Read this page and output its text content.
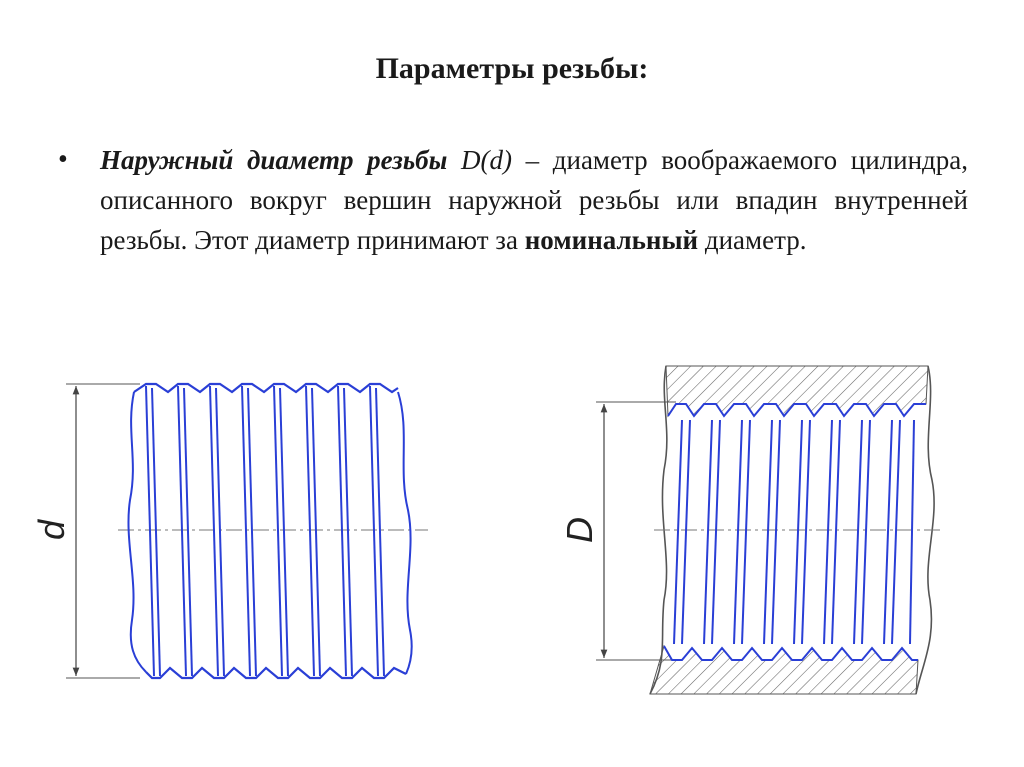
Параметры резьбы:
• Наружный диаметр резьбы D(d) – диаметр воображаемого цилиндра, описанного вокруг вершин наружной резьбы или впадин внутренней резьбы. Этот диаметр принимают за номинальный диаметр.

d	D
